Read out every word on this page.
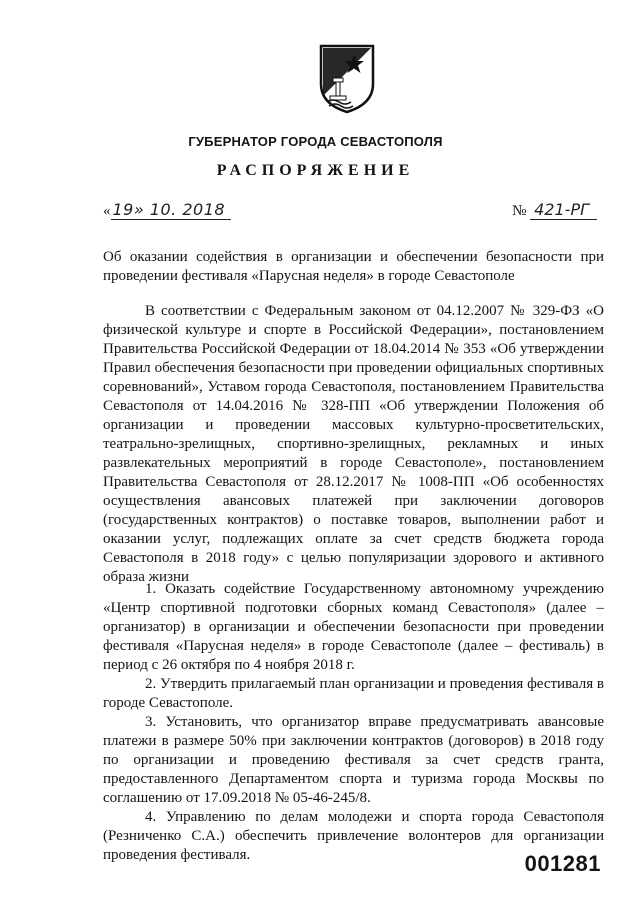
ГУБЕРНАТОР ГОРОДА СЕВАСТОПОЛЯ
РАСПОРЯЖЕНИЕ
« 19» 10. 2018	№ 421-РГ
Об оказании содействия в организации и обеспечении безопасности при проведении фестиваля «Парусная неделя» в городе Севастополе

В соответствии с Федеральным законом от 04.12.2007 № 329-ФЗ «О физической культуре и спорте в Российской Федерации», постановлением Правительства Российской Федерации от 18.04.2014 № 353 «Об утверждении Правил обеспечения безопасности при проведении официальных спортивных соревнований», Уставом города Севастополя, постановлением Правительства Севастополя от 14.04.2016 № 328-ПП «Об утверждении Положения об организации и проведении массовых культурно-просветительских, театрально-зрелищных, спортивно-зрелищных, рекламных и иных развлекательных мероприятий в городе Севастополе», постановлением Правительства Севастополя от 28.12.2017 № 1008-ПП «Об особенностях осуществления авансовых платежей при заключении договоров (государственных контрактов) о поставке товаров, выполнении работ и оказании услуг, подлежащих оплате за счет средств бюджета города Севастополя в 2018 году» с целью популяризации здорового и активного образа жизни

1. Оказать содействие Государственному автономному учреждению «Центр спортивной подготовки сборных команд Севастополя» (далее – организатор) в организации и обеспечении безопасности при проведении фестиваля «Парусная неделя» в городе Севастополе (далее – фестиваль) в период с 26 октября по 4 ноября 2018 г.

2. Утвердить прилагаемый план организации и проведения фестиваля в городе Севастополе.

3. Установить, что организатор вправе предусматривать авансовые платежи в размере 50% при заключении контрактов (договоров) в 2018 году по организации и проведению фестиваля за счет средств гранта, предоставленного Департаментом спорта и туризма города Москвы по соглашению от 17.09.2018 № 05-46-245/8.

4. Управлению по делам молодежи и спорта города Севастополя (Резниченко С.А.) обеспечить привлечение волонтеров для организации проведения фестиваля.	001281
